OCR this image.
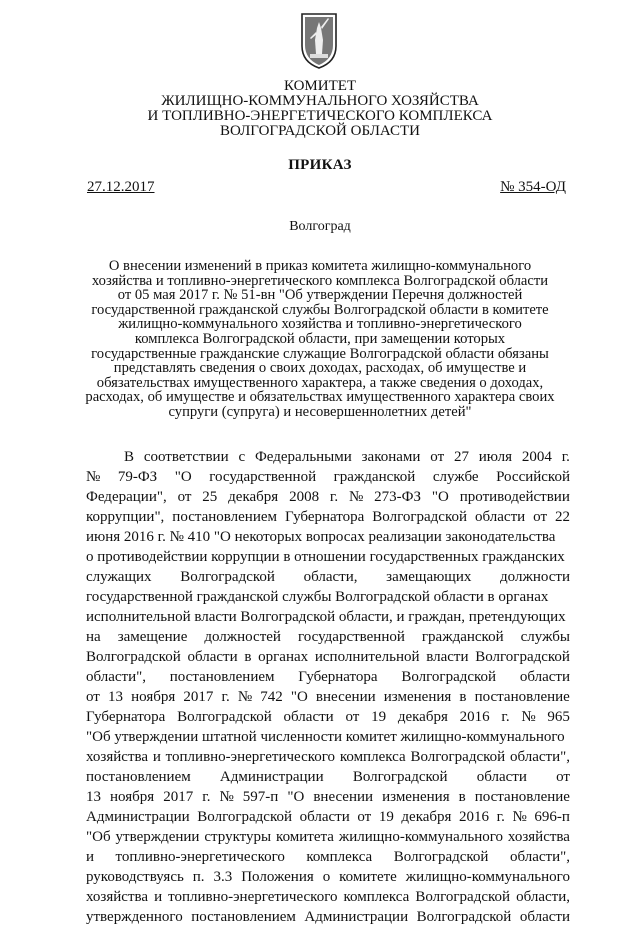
КОМИТЕТ
ЖИЛИЩНО-КОММУНАЛЬНОГО ХОЗЯЙСТВА
И ТОПЛИВНО-ЭНЕРГЕТИЧЕСКОГО КОМПЛЕКСА
ВОЛГОГРАДСКОЙ ОБЛАСТИ
ПРИКАЗ
27.12.2017	№ 354-ОД
Волгоград
О внесении изменений в приказ комитета жилищно-коммунального
хозяйства и топливно-энергетического комплекса Волгоградской области
от 05 мая 2017 г. № 51-вн "Об утверждении Перечня должностей
государственной гражданской службы Волгоградской области в комитете
жилищно-коммунального хозяйства и топливно-энергетического
комплекса Волгоградской области, при замещении которых
государственные гражданские служащие Волгоградской области обязаны
представлять сведения о своих доходах, расходах, об имуществе и
обязательствах имущественного характера, а также сведения о доходах,
расходах, об имуществе и обязательствах имущественного характера своих
супруги (супруга) и несовершеннолетних детей"
В соответствии с Федеральными законами от 27 июля 2004 г.
№ 79-ФЗ "О государственной гражданской службе Российской
Федерации", от 25 декабря 2008 г. № 273-ФЗ "О противодействии
коррупции", постановлением Губернатора Волгоградской области от 22
июня 2016 г. № 410 "О некоторых вопросах реализации законодательства
о противодействии коррупции в отношении государственных гражданских
служащих Волгоградской области, замещающих должности
государственной гражданской службы Волгоградской области в органах
исполнительной власти Волгоградской области, и граждан, претендующих
на замещение должностей государственной гражданской службы
Волгоградской области в органах исполнительной власти Волгоградской
области", постановлением Губернатора Волгоградской области
от 13 ноября 2017 г. № 742 "О внесении изменения в постановление
Губернатора Волгоградской области от 19 декабря 2016 г. № 965
"Об утверждении штатной численности комитет жилищно-коммунального
хозяйства и топливно-энергетического комплекса Волгоградской области",
постановлением Администрации Волгоградской области от
13 ноября 2017 г. № 597-п "О внесении изменения в постановление
Администрации Волгоградской области от 19 декабря 2016 г. № 696-п
"Об утверждении структуры комитета жилищно-коммунального хозяйства
и топливно-энергетического комплекса Волгоградской области",
руководствуясь п. 3.3 Положения о комитете жилищно-коммунального
хозяйства и топливно-энергетического комплекса Волгоградской области,
утвержденного постановлением Администрации Волгоградской области
